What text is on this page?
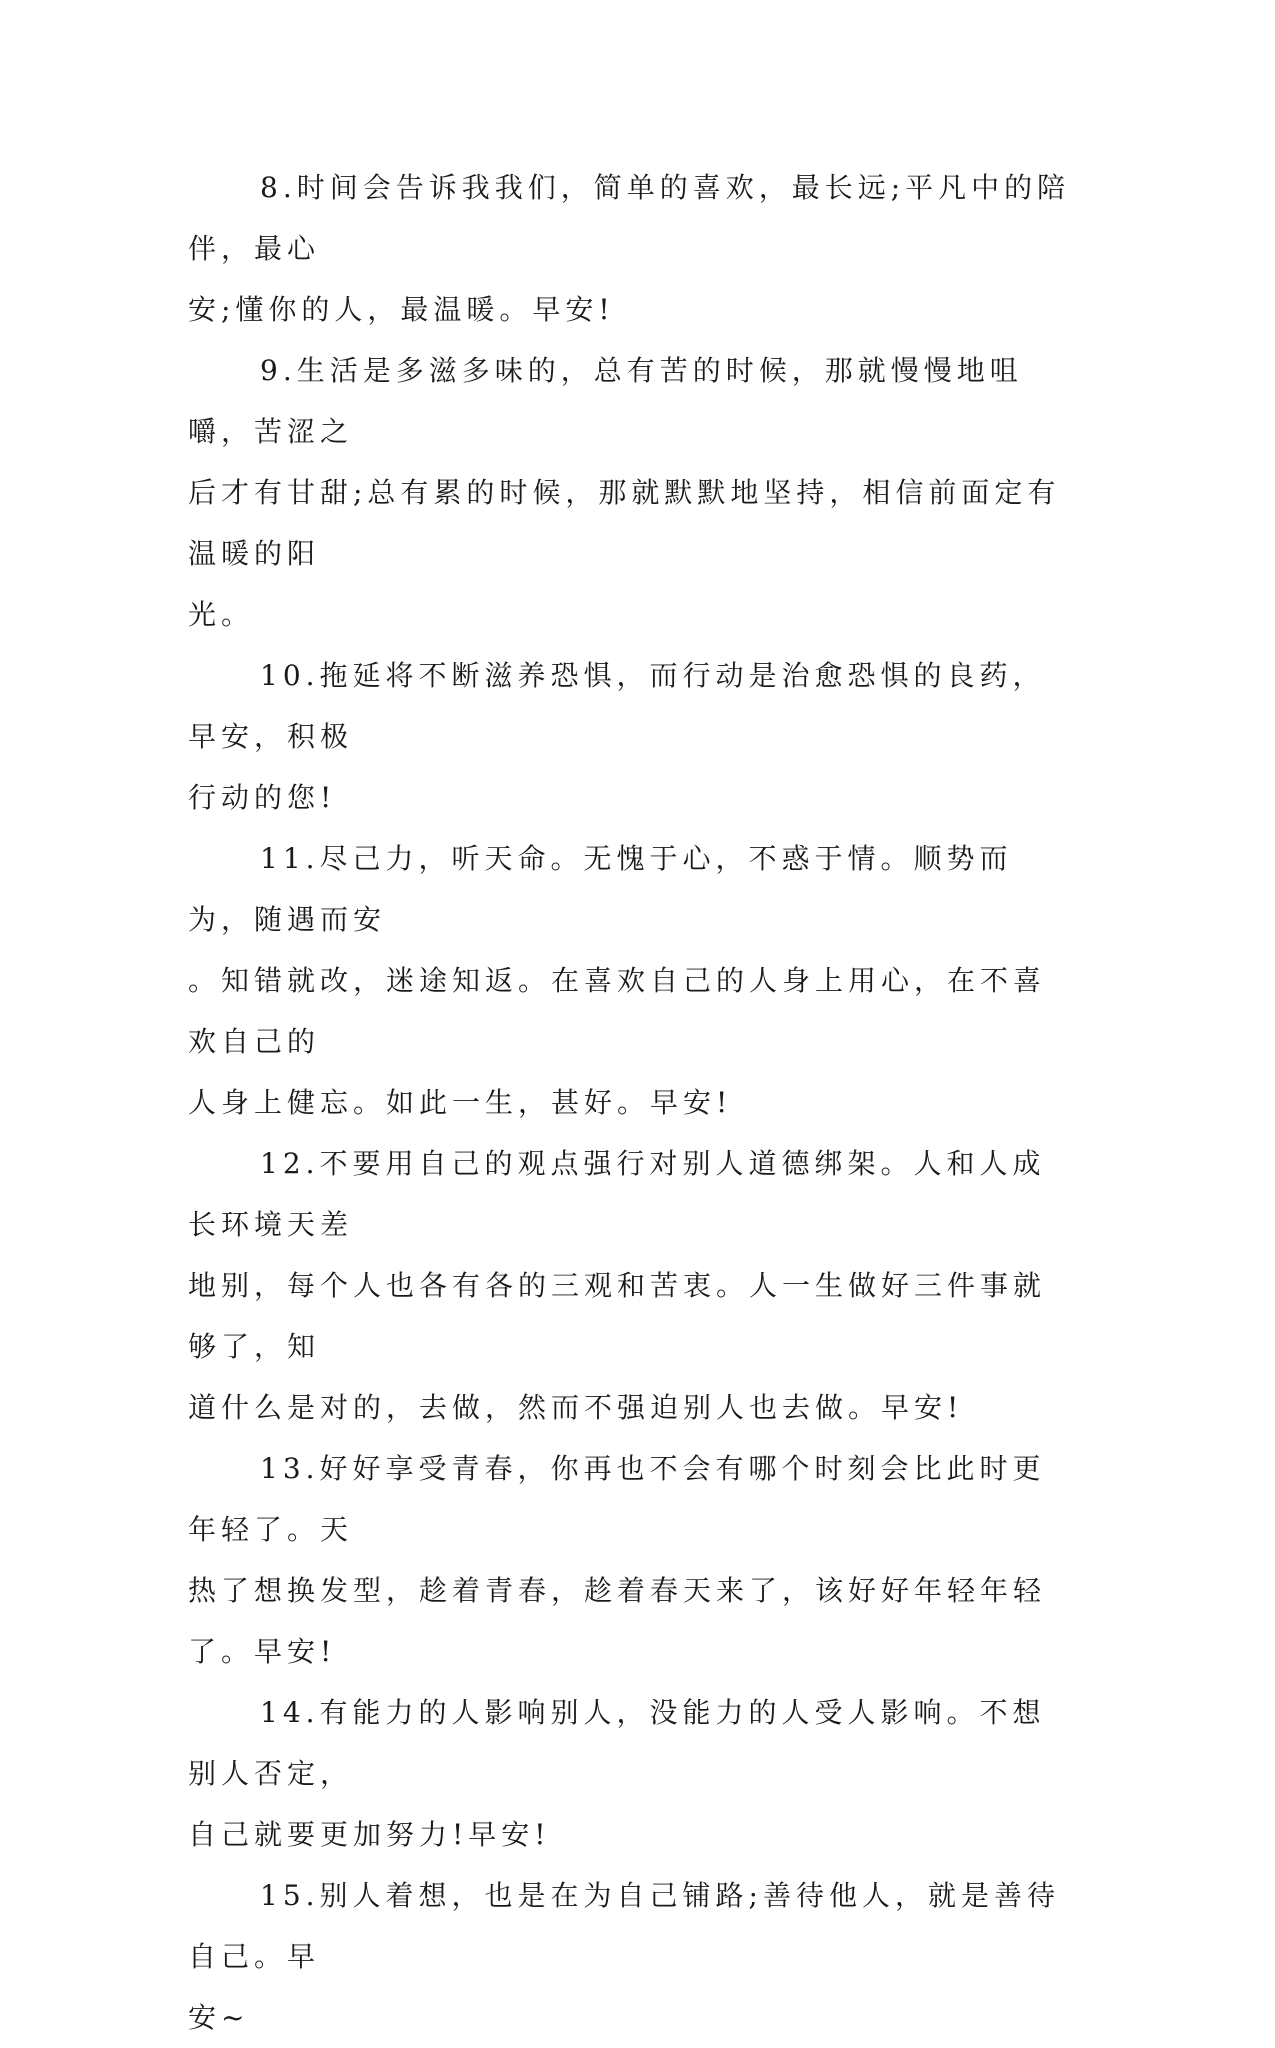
8.时间会告诉我我们，简单的喜欢，最长远;平凡中的陪伴，最心
安;懂你的人，最温暖。早安!

9.生活是多滋多味的，总有苦的时候，那就慢慢地咀嚼，苦涩之
后才有甘甜;总有累的时候，那就默默地坚持，相信前面定有温暖的阳
光。

10.拖延将不断滋养恐惧，而行动是治愈恐惧的良药，早安，积极
行动的您!

11.尽己力，听天命。无愧于心，不惑于情。顺势而为，随遇而安
。知错就改，迷途知返。在喜欢自己的人身上用心，在不喜欢自己的
人身上健忘。如此一生，甚好。早安!

12.不要用自己的观点强行对别人道德绑架。人和人成长环境天差
地别，每个人也各有各的三观和苦衷。人一生做好三件事就够了，知
道什么是对的，去做，然而不强迫别人也去做。早安!

13.好好享受青春，你再也不会有哪个时刻会比此时更年轻了。天
热了想换发型，趁着青春，趁着春天来了，该好好年轻年轻了。早安!

14.有能力的人影响别人，没能力的人受人影响。不想别人否定，
自己就要更加努力!早安!

15.别人着想，也是在为自己铺路;善待他人，就是善待自己。早
安~
